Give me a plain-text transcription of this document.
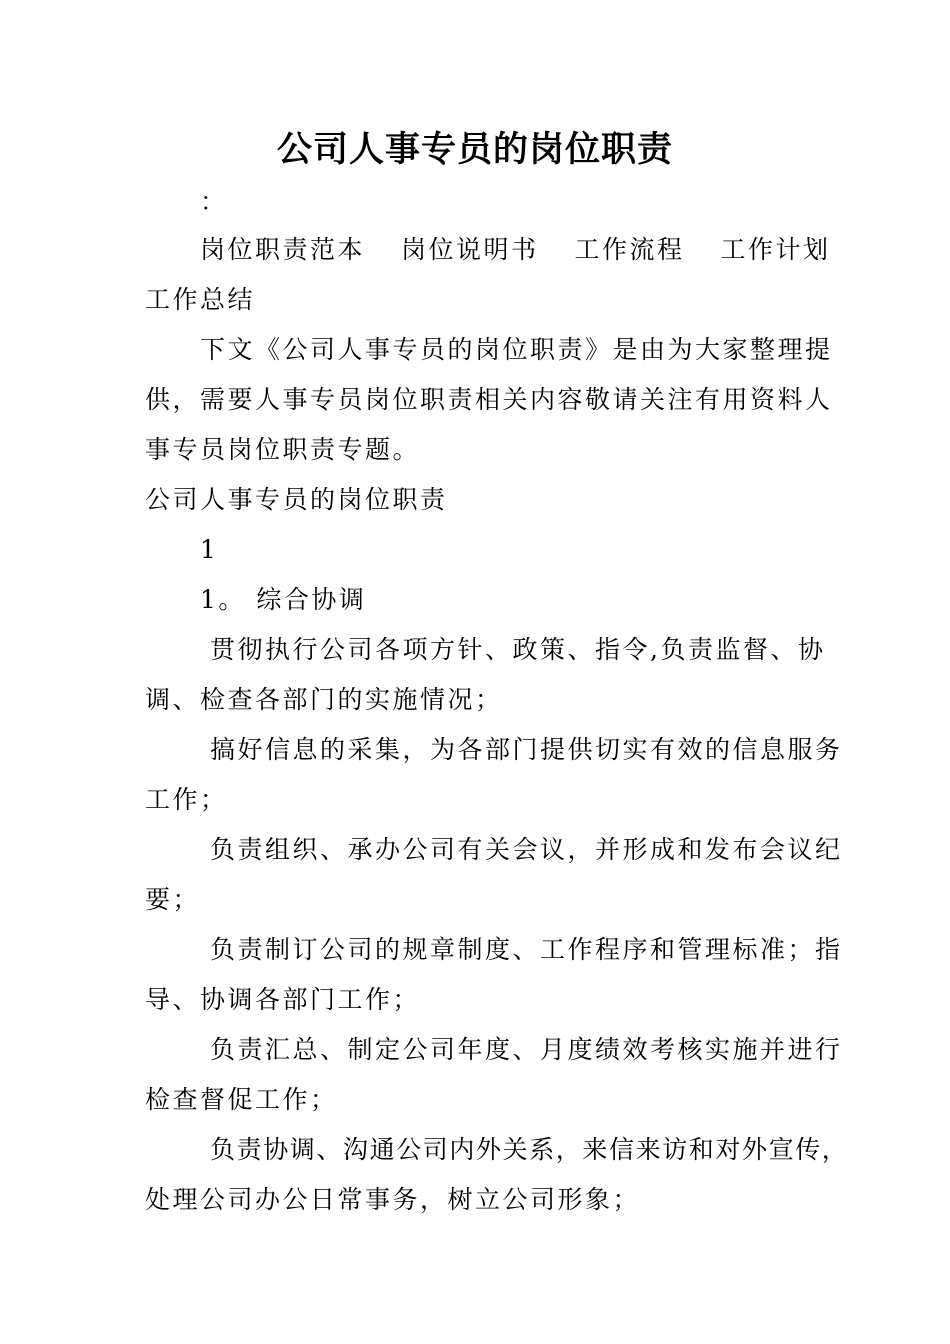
公司人事专员的岗位职责
：
岗位职责范本 岗位说明书 工作流程 工作计划
工作总结
下文《公司人事专员的岗位职责》是由为大家整理提
供，需要人事专员岗位职责相关内容敬请关注有用资料人
事专员岗位职责专题。
公司人事专员的岗位职责
1
1。 综合协调
贯彻执行公司各项方针、政策、指令,负责监督、协
调、检查各部门的实施情况；
搞好信息的采集，为各部门提供切实有效的信息服务
工作；
负责组织、承办公司有关会议，并形成和发布会议纪
要；
负责制订公司的规章制度、工作程序和管理标准；指
导、协调各部门工作；
负责汇总、制定公司年度、月度绩效考核实施并进行
检查督促工作；
负责协调、沟通公司内外关系，来信来访和对外宣传，
处理公司办公日常事务，树立公司形象；
